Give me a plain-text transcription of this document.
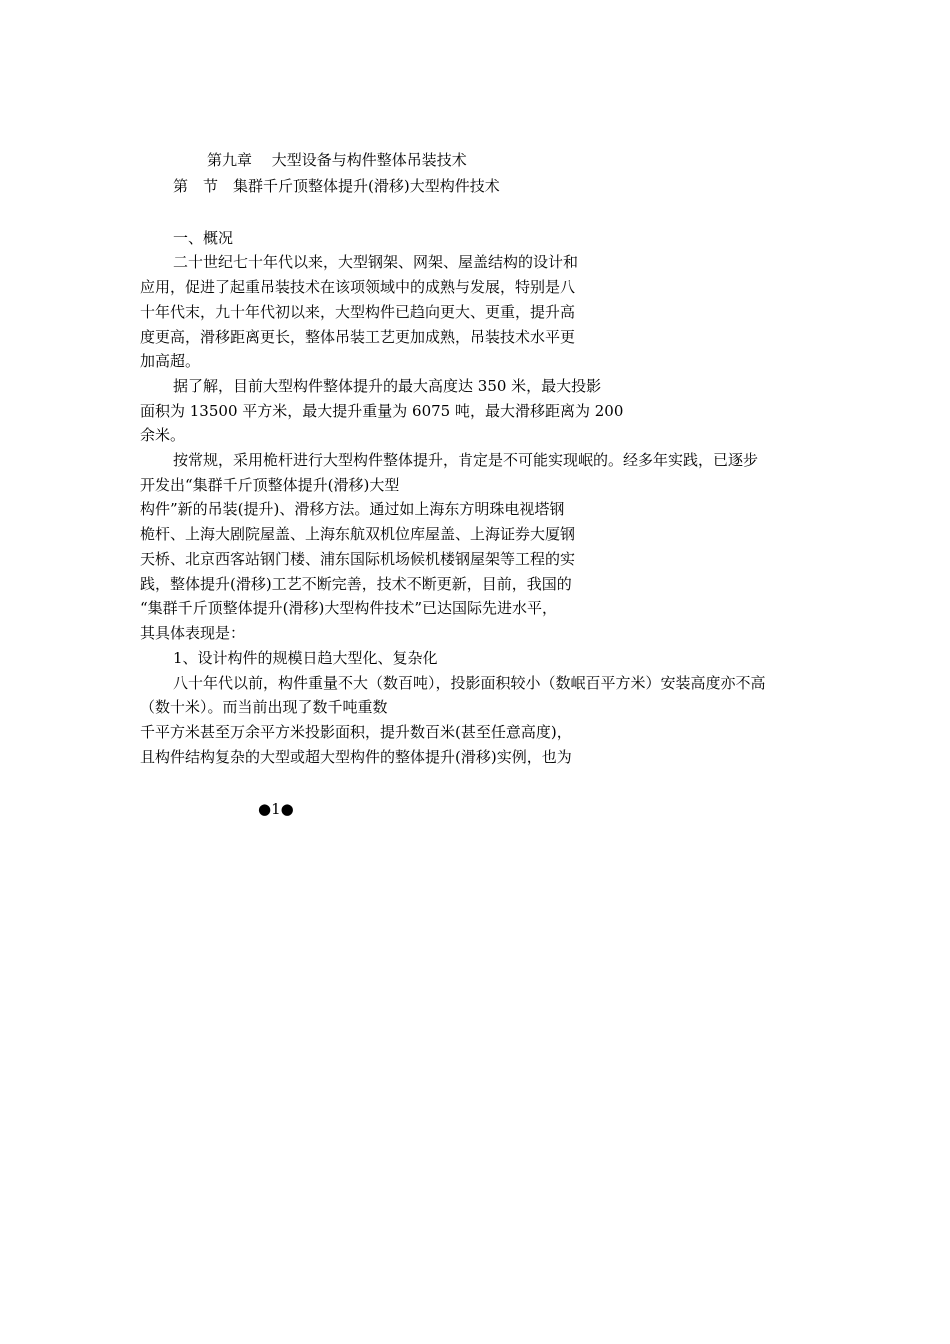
第九章　 大型设备与构件整体吊装技术
第　节　集群千斤顶整体提升(滑移)大型构件技术
一、概况
二十世纪七十年代以来，大型钢架、网架、屋盖结构的设计和
应用，促进了起重吊装技术在该项领域中的成熟与发展，特别是八
十年代末，九十年代初以来，大型构件已趋向更大、更重，提升高
度更高，滑移距离更长，整体吊装工艺更加成熟，吊装技术水平更
加高超。
据了解，目前大型构件整体提升的最大高度达 350 米，最大投影
面积为 13500 平方米，最大提升重量为 6075 吨，最大滑移距离为 200
余米。
按常规，采用桅杆进行大型构件整体提升，肯定是不可能实现岷的。经多年实践，已逐步
开发出“集群千斤顶整体提升(滑移)大型
构件”新的吊装(提升)、滑移方法。通过如上海东方明珠电视塔钢
桅杆、上海大剧院屋盖、上海东航双机位库屋盖、上海证券大厦钢
天桥、北京西客站钢门楼、浦东国际机场候机楼钢屋架等工程的实
践，整体提升(滑移)工艺不断完善，技术不断更新，目前，我国的
“集群千斤顶整体提升(滑移)大型构件技术”已达国际先进水平，
其具体表现是：
1、设计构件的规模日趋大型化、复杂化
八十年代以前，构件重量不大（数百吨），投影面积较小（数岷百平方米）安装高度亦不高
（数十米）。而当前出现了数千吨重数
千平方米甚至万余平方米投影面积，提升数百米(甚至任意高度)，
且构件结构复杂的大型或超大型构件的整体提升(滑移)实例，也为
●1●
